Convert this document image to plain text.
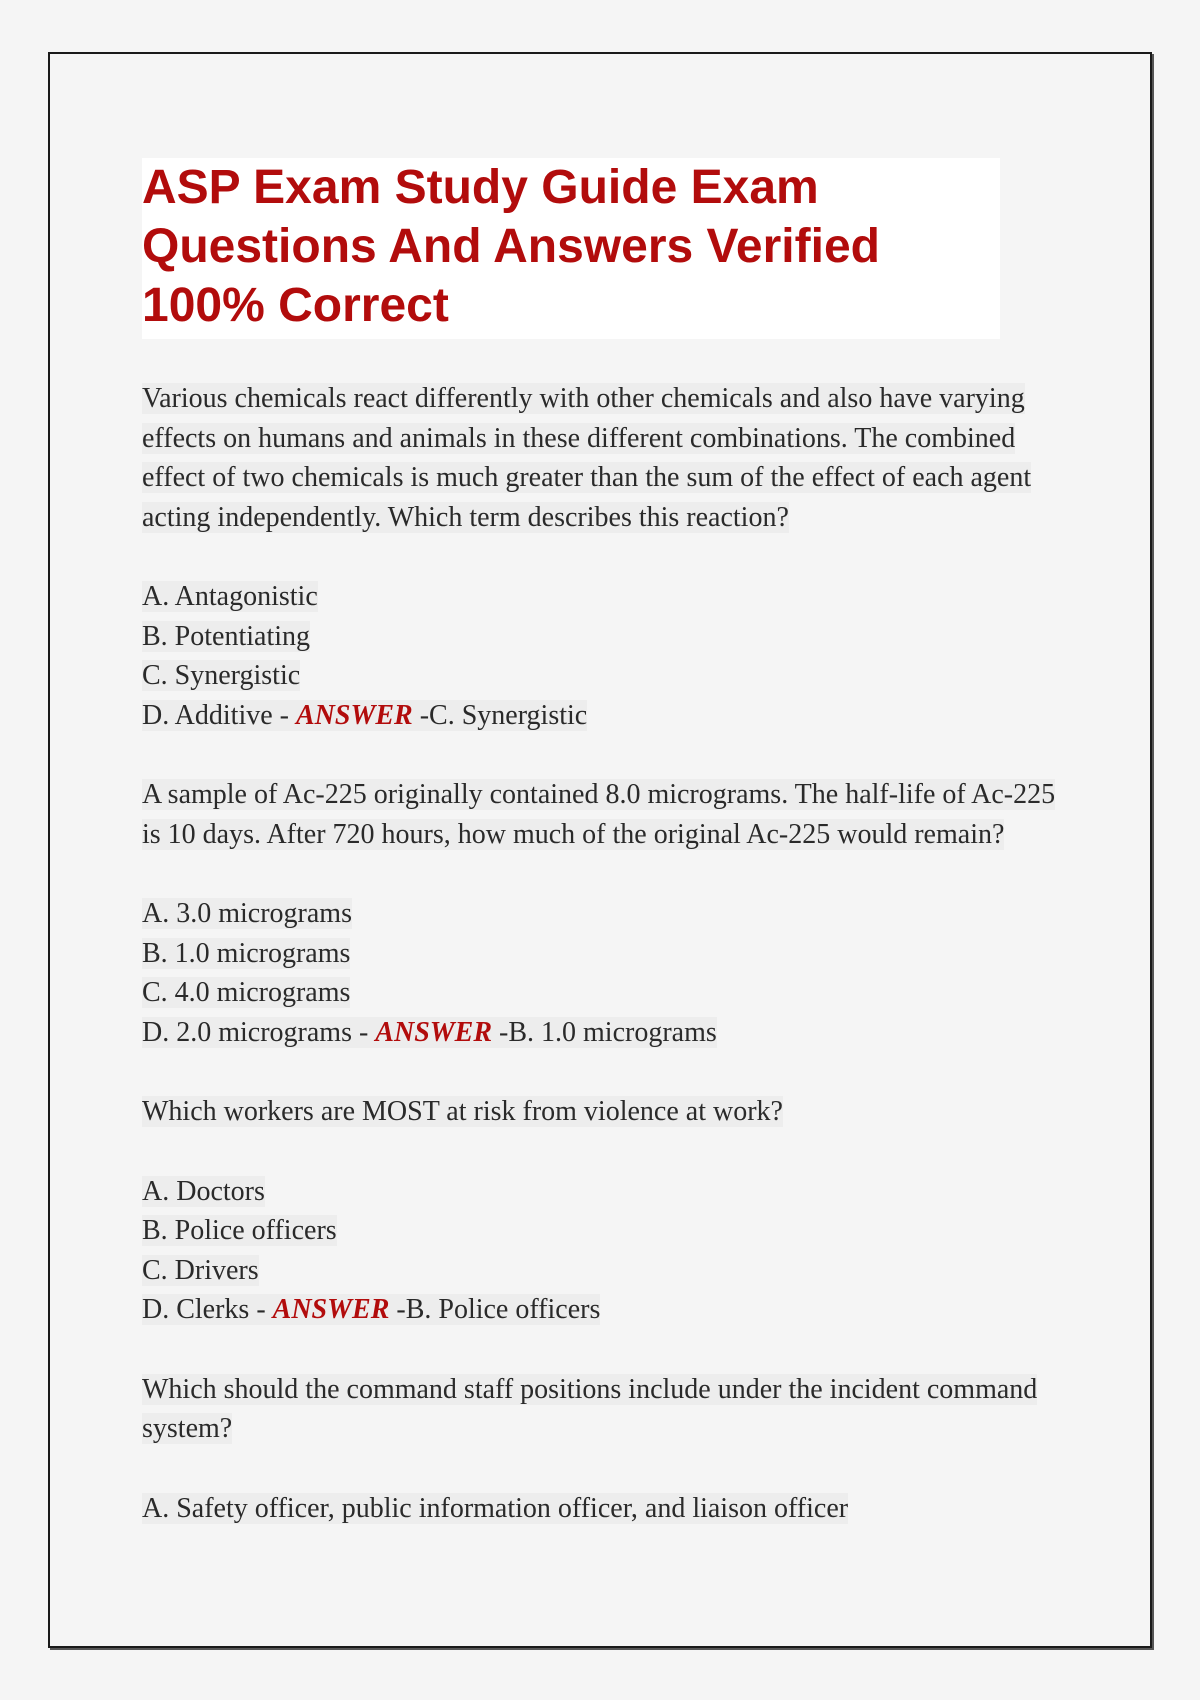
ASP Exam Study Guide Exam Questions And Answers Verified 100% Correct

Various chemicals react differently with other chemicals and also have varying effects on humans and animals in these different combinations. The combined effect of two chemicals is much greater than the sum of the effect of each agent acting independently. Which term describes this reaction?

A. Antagonistic
B. Potentiating
C. Synergistic
D. Additive - ANSWER -C. Synergistic

A sample of Ac-225 originally contained 8.0 micrograms. The half-life of Ac-225 is 10 days. After 720 hours, how much of the original Ac-225 would remain?

A. 3.0 micrograms
B. 1.0 micrograms
C. 4.0 micrograms
D. 2.0 micrograms - ANSWER -B. 1.0 micrograms

Which workers are MOST at risk from violence at work?

A. Doctors
B. Police officers
C. Drivers
D. Clerks - ANSWER -B. Police officers

Which should the command staff positions include under the incident command system?

A. Safety officer, public information officer, and liaison officer
